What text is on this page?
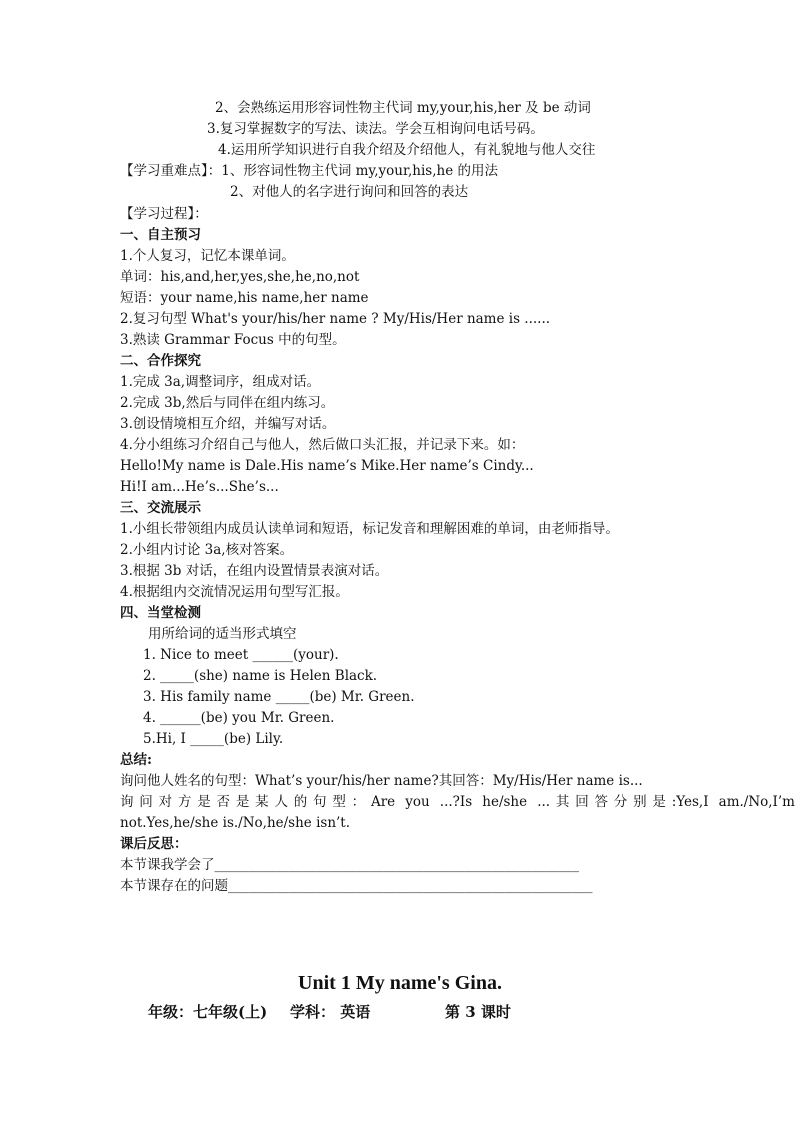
2、会熟练运用形容词性物主代词 my,your,his,her 及 be 动词
3.复习掌握数字的写法、读法。学会互相询问电话号码。
4.运用所学知识进行自我介绍及介绍他人，有礼貌地与他人交往
【学习重难点】：1、形容词性物主代词 my,your,his,he 的用法
2、对他人的名字进行询问和回答的表达
【学习过程】：
一、自主预习
1.个人复习，记忆本课单词。
单词：his,and,her,yes,she,he,no,not
短语：your name,his name,her name
2.复习句型 What's your/his/her name ? My/His/Her name is ......
3.熟读 Grammar Focus 中的句型。
二、合作探究
1.完成 3a,调整词序，组成对话。
2.完成 3b,然后与同伴在组内练习。
3.创设情境相互介绍，并编写对话。
4.分小组练习介绍自己与他人，然后做口头汇报，并记录下来。如：
Hello!My name is Dale.His name’s Mike.Her name’s Cindy...
Hi!I am...He’s...She’s...
三、交流展示
1.小组长带领组内成员认读单词和短语，标记发音和理解困难的单词，由老师指导。
2.小组内讨论 3a,核对答案。
3.根据 3b 对话，在组内设置情景表演对话。
4.根据组内交流情况运用句型写汇报。
四、当堂检测
用所给词的适当形式填空
1. Nice to meet ______(your).
2. _____(she) name is Helen Black.
3. His family name _____(be) Mr. Green.
4. ______(be) you Mr. Green.
5.Hi, I _____(be) Lily.
总结:
询问他人姓名的句型：What’s your/his/her name?其回答：My/His/Her name is...
询问对方是否是某人的句型：Are you ...?Is he/she ...其回答分别是:Yes,I am./No,I’m
not.Yes,he/she is./No,he/she isn’t.
课后反思：
本节课我学会了______________________________________________________
本节课存在的问题______________________________________________________
Unit 1 My name's Gina.
年级：七年级(上) 学科： 英语	第 3 课时
